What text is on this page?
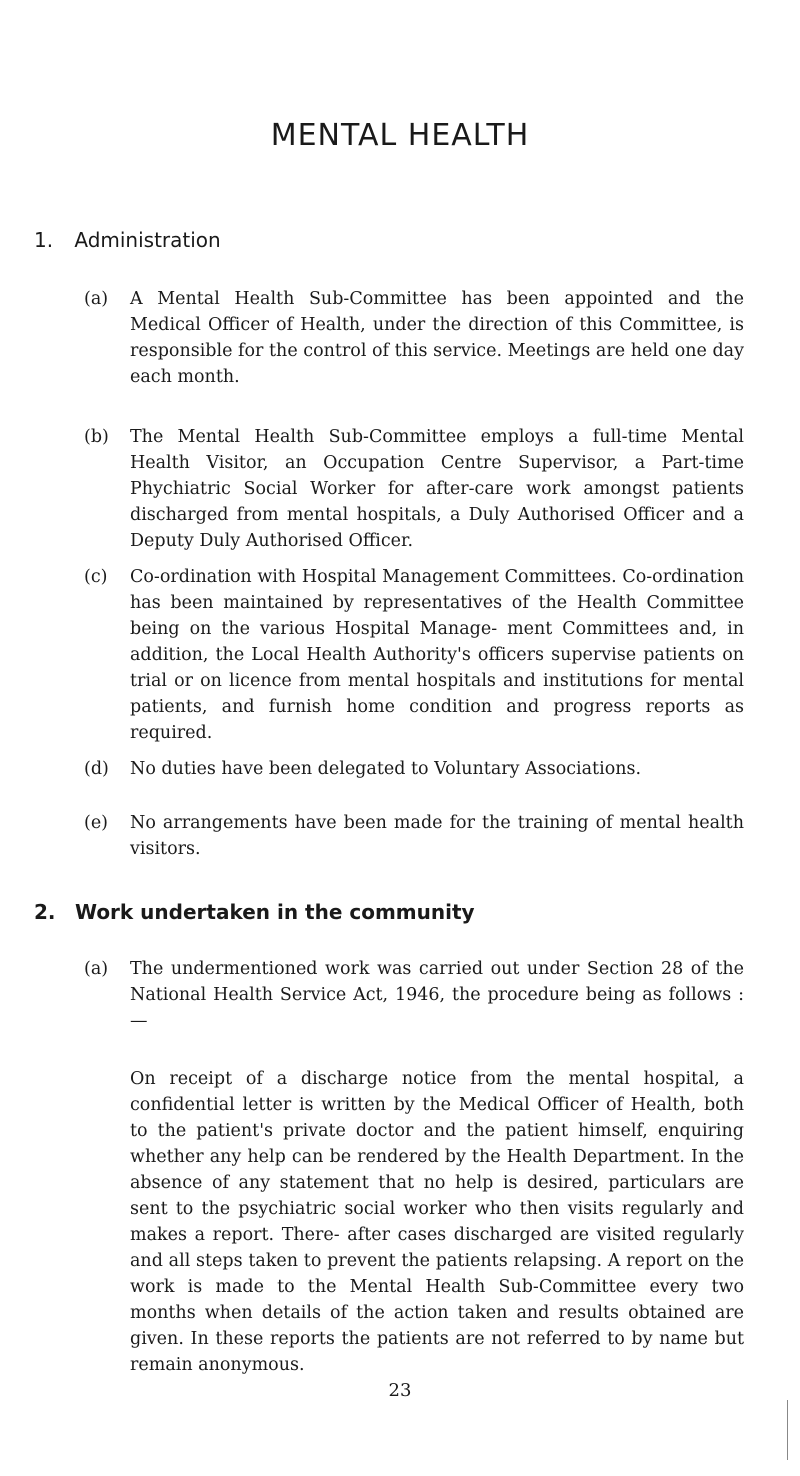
MENTAL HEALTH
1. Administration
(a) A Mental Health Sub-Committee has been appointed and the Medical Officer of Health, under the direction of this Committee, is responsible for the control of this service. Meetings are held one day each month.
(b) The Mental Health Sub-Committee employs a full-time Mental Health Visitor, an Occupation Centre Supervisor, a Part-time Phychiatric Social Worker for after-care work amongst patients discharged from mental hospitals, a Duly Authorised Officer and a Deputy Duly Authorised Officer.
(c) Co-ordination with Hospital Management Committees. Co-ordination has been maintained by representatives of the Health Committee being on the various Hospital Manage- ment Committees and, in addition, the Local Health Authority's officers supervise patients on trial or on licence from mental hospitals and institutions for mental patients, and furnish home condition and progress reports as required.
(d) No duties have been delegated to Voluntary Associations.
(e) No arrangements have been made for the training of mental health visitors.
2. Work undertaken in the community
(a) The undermentioned work was carried out under Section 28 of the National Health Service Act, 1946, the procedure being as follows : —
On receipt of a discharge notice from the mental hospital, a confidential letter is written by the Medical Officer of Health, both to the patient's private doctor and the patient himself, enquiring whether any help can be rendered by the Health Department. In the absence of any statement that no help is desired, particulars are sent to the psychiatric social worker who then visits regularly and makes a report. There- after cases discharged are visited regularly and all steps taken to prevent the patients relapsing. A report on the work is made to the Mental Health Sub-Committee every two months when details of the action taken and results obtained are given. In these reports the patients are not referred to by name but remain anonymous.
23
